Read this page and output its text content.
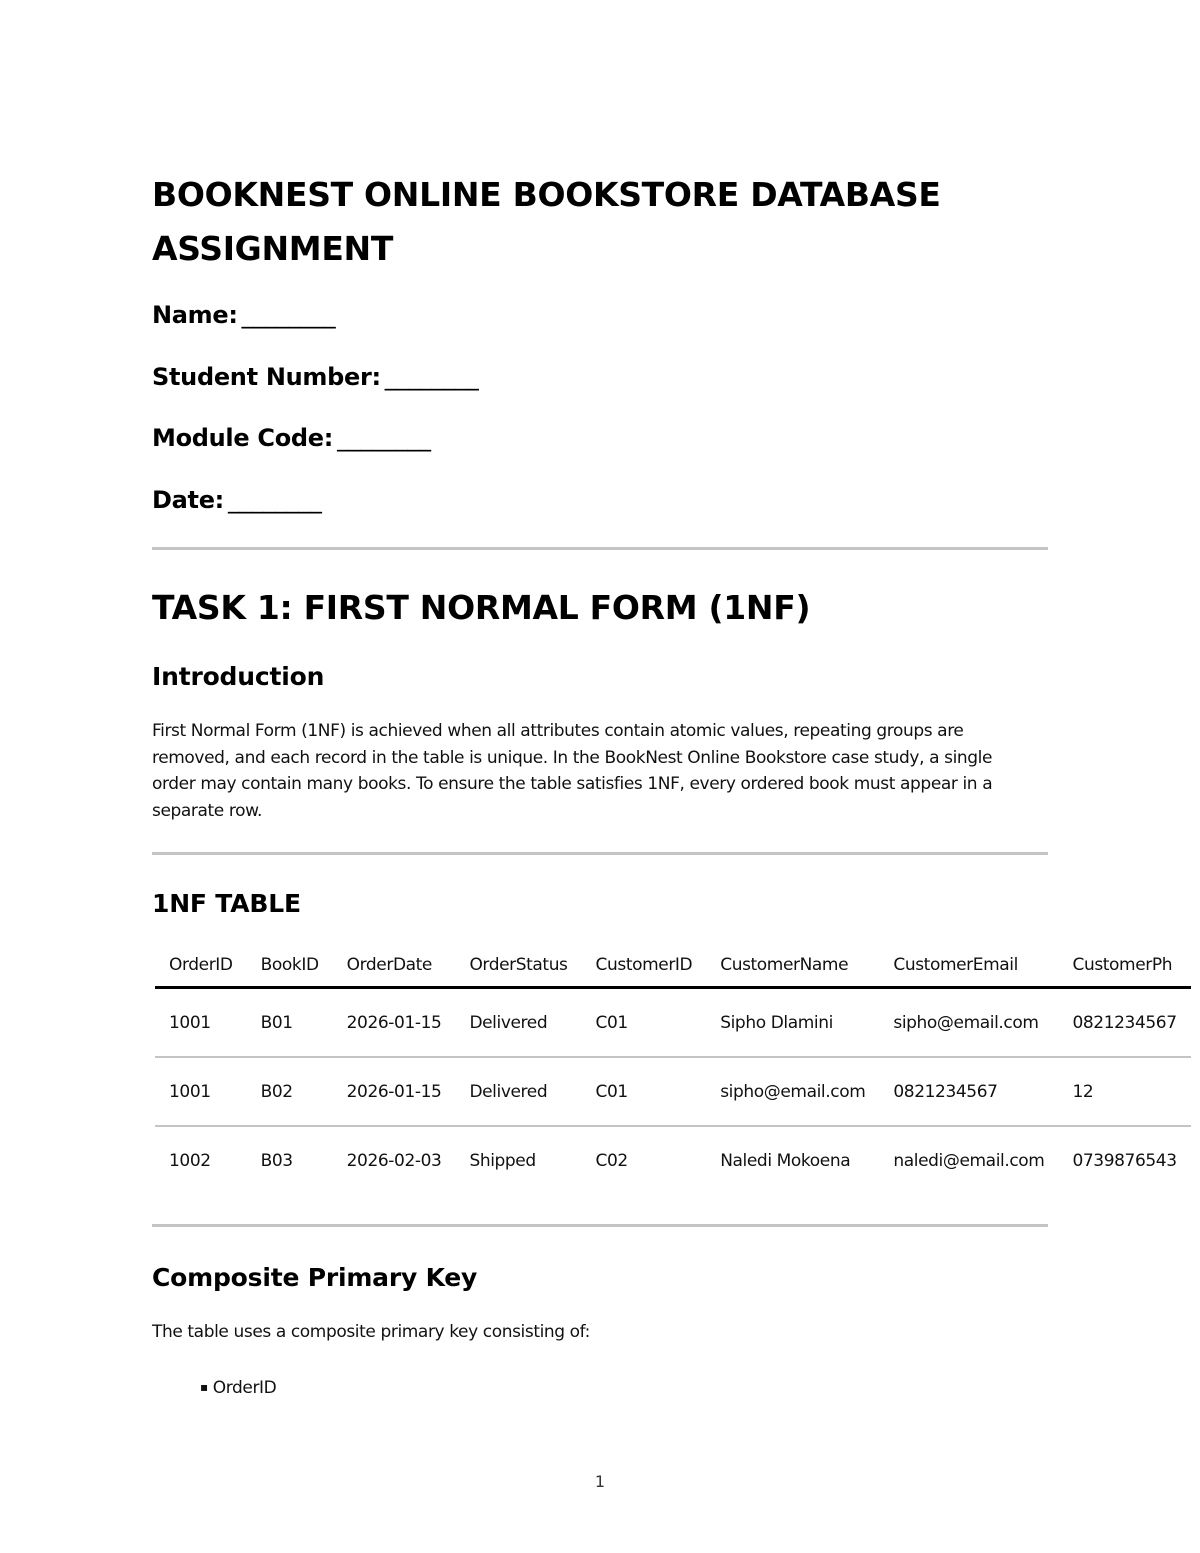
BOOKNEST ONLINE BOOKSTORE DATABASE ASSIGNMENT

Name: ________

Student Number: ________

Module Code: ________

Date: ________

TASK 1: FIRST NORMAL FORM (1NF)
Introduction

First Normal Form (1NF) is achieved when all attributes contain atomic values, repeating groups are removed, and each record in the table is unique. In the BookNest Online Bookstore case study, a single order may contain many books. To ensure the table satisfies 1NF, every ordered book must appear in a separate row.

1NF TABLE
OrderID	BookID	OrderDate	OrderStatus	CustomerID	CustomerName	CustomerEmail	CustomerPh
1001	B01	2026-01-15	Delivered	C01	Sipho Dlamini	sipho@email.com	0821234567
1001	B02	2026-01-15	Delivered	C01	sipho@email.com	0821234567	12
1002	B03	2026-02-03	Shipped	C02	Naledi Mokoena	naledi@email.com	0739876543
Composite Primary Key

The table uses a composite primary key consisting of:

▪ OrderID
1
